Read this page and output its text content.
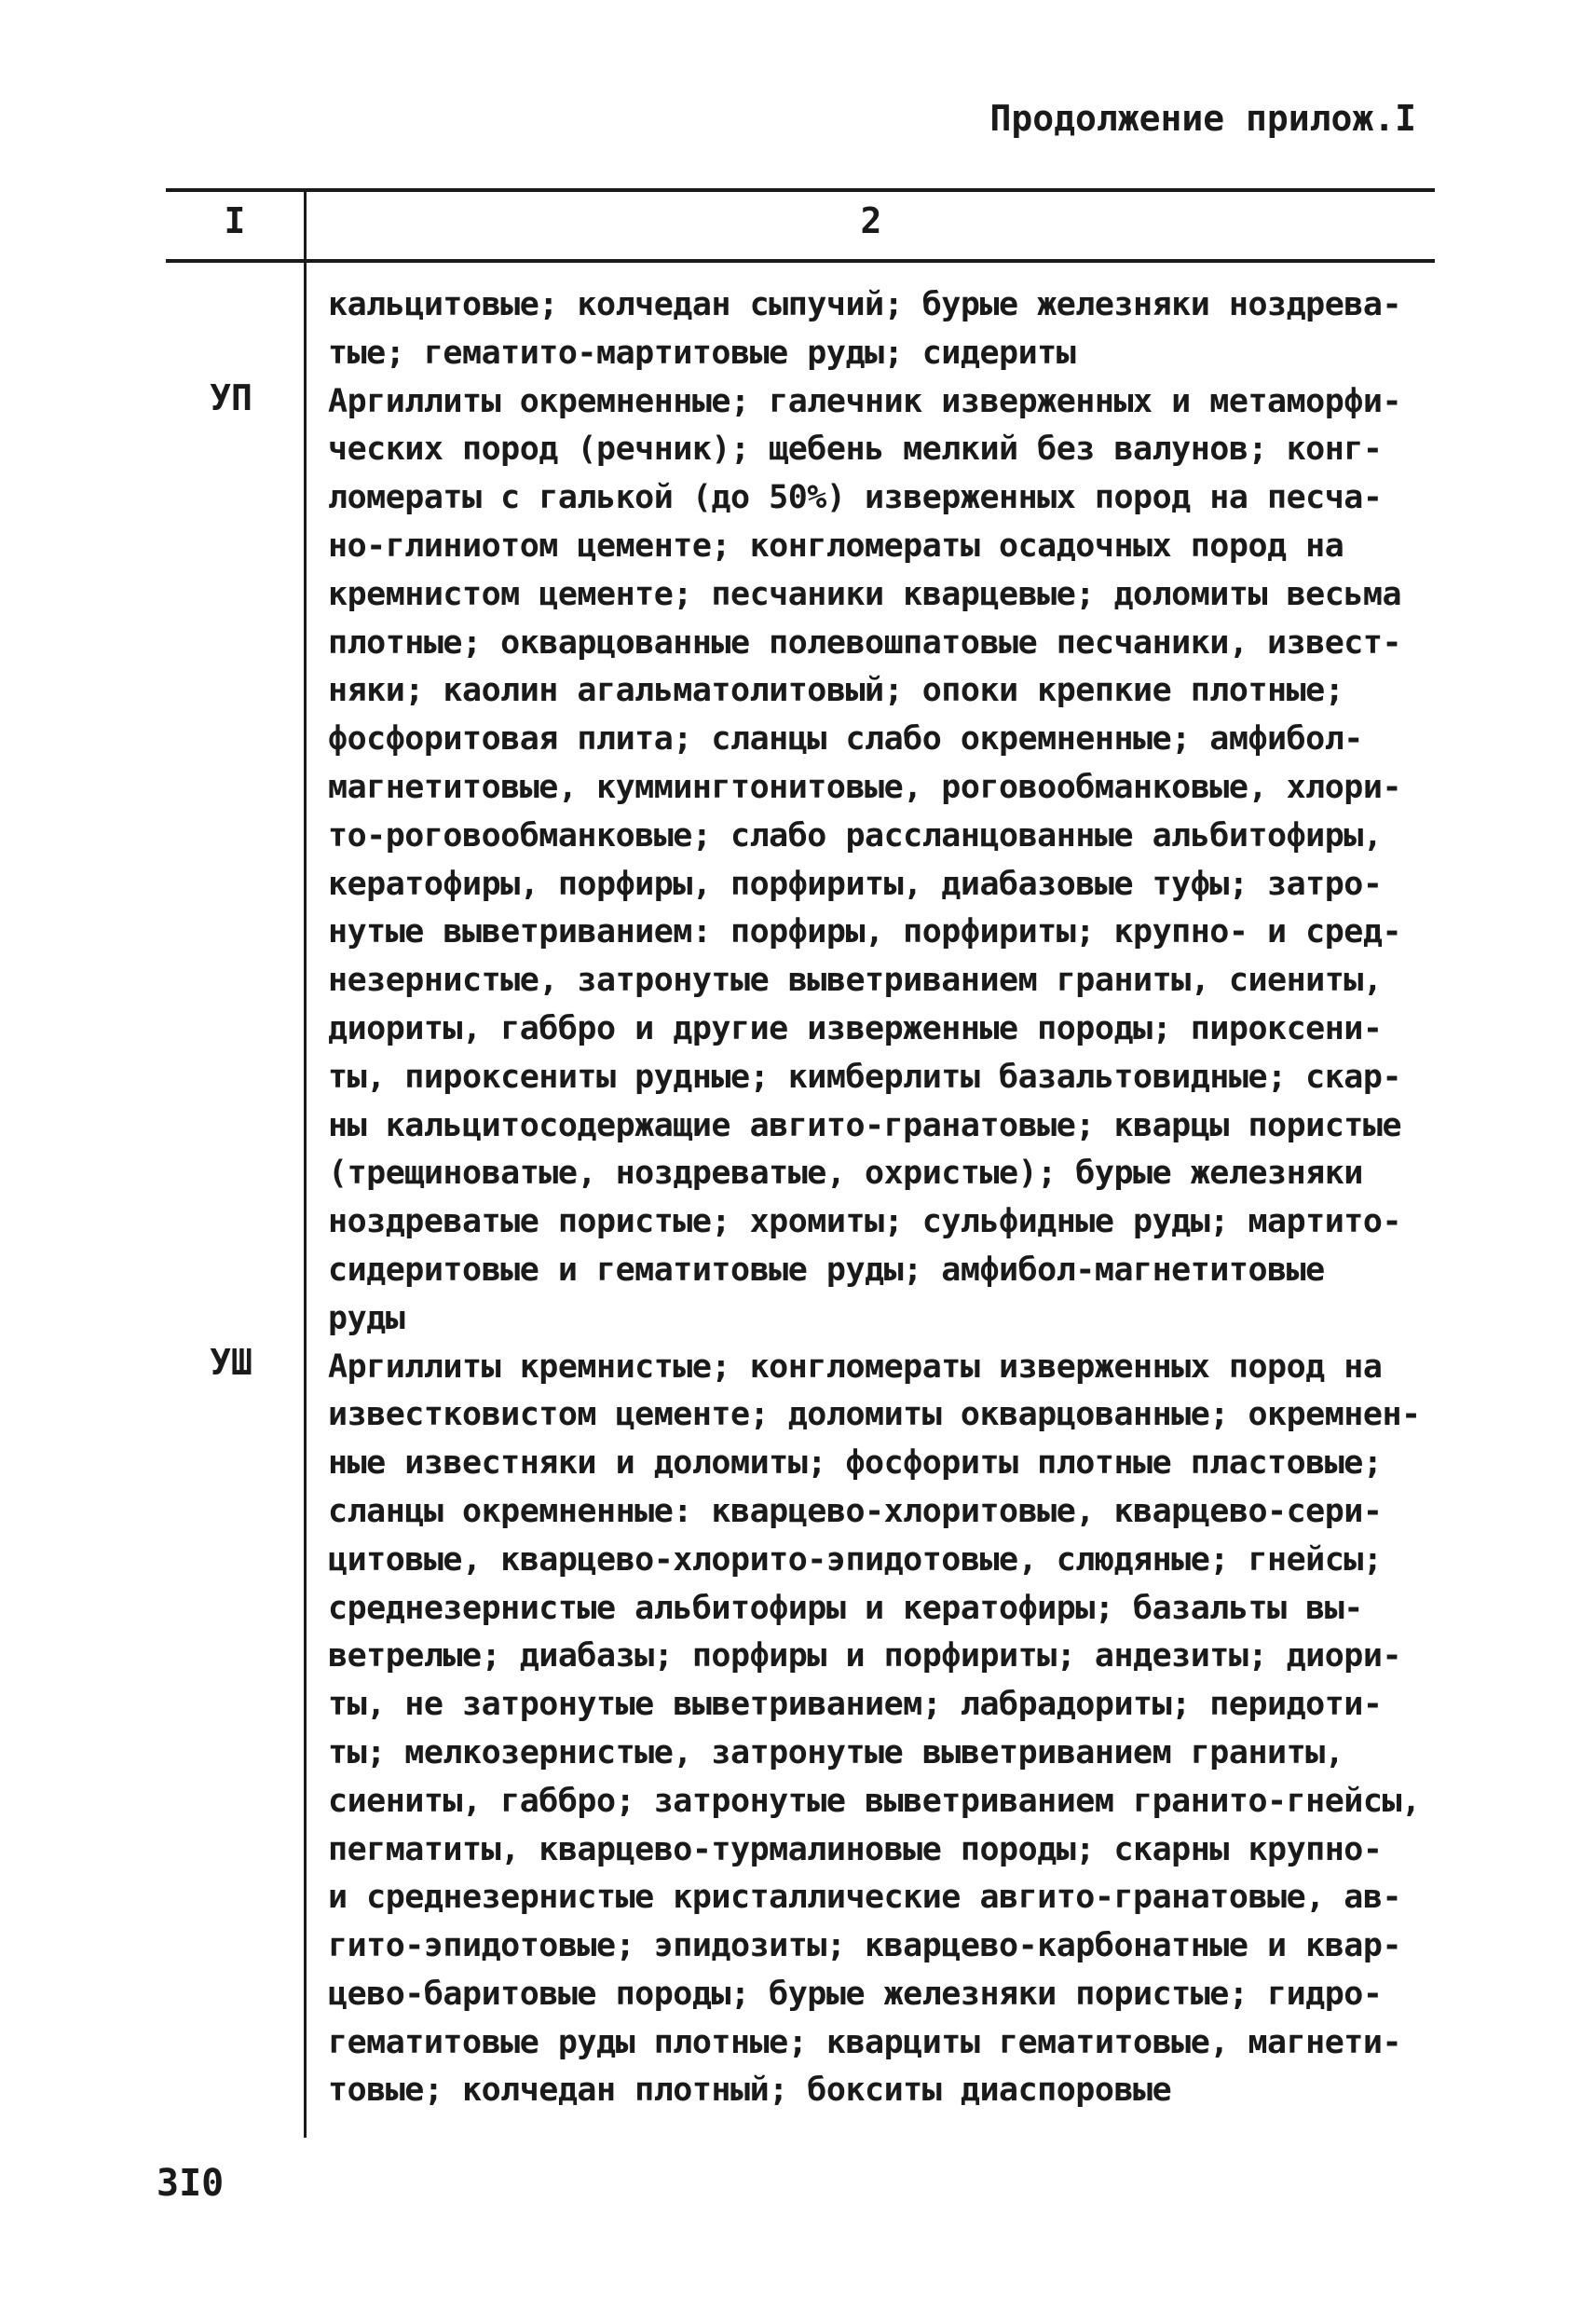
Продолжение прилож.I
I	2
УП
УШ
кальцитовые; колчедан сыпучий; бурые железняки ноздрева-
тые; гематито-мартитовые руды; сидериты
Аргиллиты окремненные; галечник изверженных и метаморфи-
ческих пород (речник); щебень мелкий без валунов; конг-
ломераты с галькой (до 50%) изверженных пород на песча-
но-глиниотом цементе; конгломераты осадочных пород на
кремнистом цементе; песчаники кварцевые; доломиты весьма
плотные; окварцованные полевошпатовые песчаники, извест-
няки; каолин агальматолитовый; опоки крепкие плотные;
фосфоритовая плита; сланцы слабо окремненные; амфибол-
магнетитовые, куммингтонитовые, роговообманковые, хлори-
то-роговообманковые; слабо рассланцованные альбитофиры,
кератофиры, порфиры, порфириты, диабазовые туфы; затро-
нутые выветриванием: порфиры, порфириты; крупно- и сред-
незернистые, затронутые выветриванием граниты, сиениты,
диориты, габбро и другие изверженные породы; пироксени-
ты, пироксениты рудные; кимберлиты базальтовидные; скар-
ны кальцитосодержащие авгито-гранатовые; кварцы пористые
(трещиноватые, ноздреватые, охристые); бурые железняки
ноздреватые пористые; хромиты; сульфидные руды; мартито-
сидеритовые и гематитовые руды; амфибол-магнетитовые
руды
Аргиллиты кремнистые; конгломераты изверженных пород на
известковистом цементе; доломиты окварцованные; окремнен-
ные известняки и доломиты; фосфориты плотные пластовые;
сланцы окремненные: кварцево-хлоритовые, кварцево-сери-
цитовые, кварцево-хлорито-эпидотовые, слюдяные; гнейсы;
среднезернистые альбитофиры и кератофиры; базальты вы-
ветрелые; диабазы; порфиры и порфириты; андезиты; диори-
ты, не затронутые выветриванием; лабрадориты; перидоти-
ты; мелкозернистые, затронутые выветриванием граниты,
сиениты, габбро; затронутые выветриванием гранито-гнейсы,
пегматиты, кварцево-турмалиновые породы; скарны крупно-
и среднезернистые кристаллические авгито-гранатовые, ав-
гито-эпидотовые; эпидозиты; кварцево-карбонатные и квар-
цево-баритовые породы; бурые железняки пористые; гидро-
гематитовые руды плотные; кварциты гематитовые, магнети-
товые; колчедан плотный; бокситы диаспоровые
3I0
